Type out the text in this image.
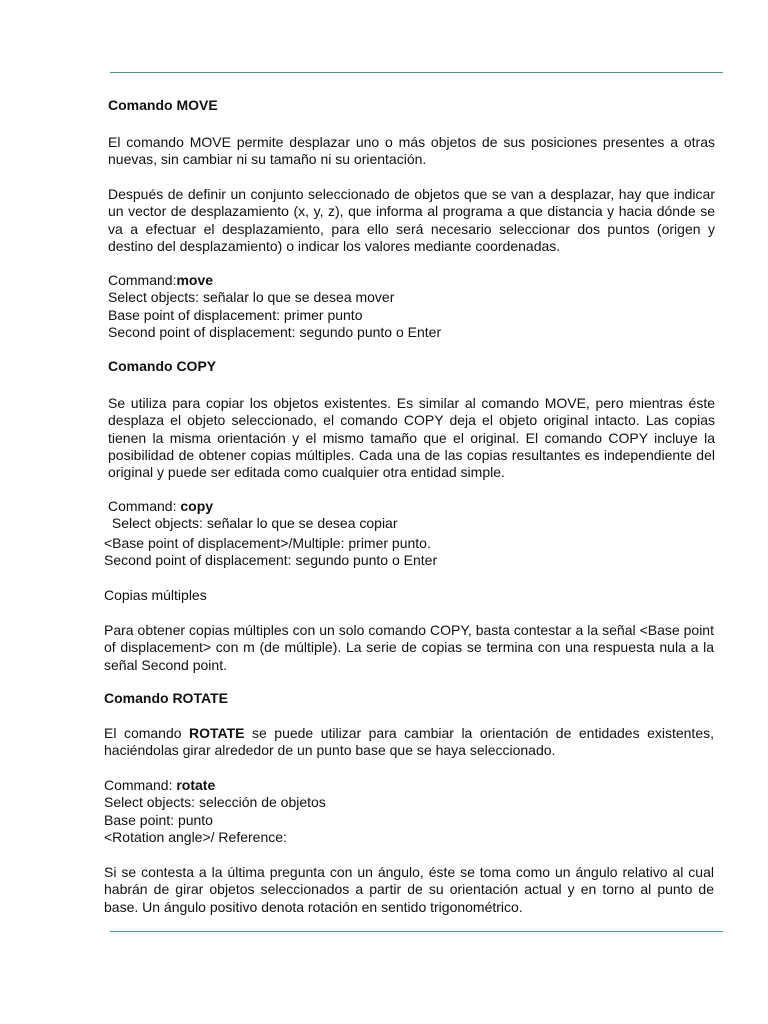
Comando MOVE
El comando MOVE permite desplazar uno o más objetos de sus posiciones presentes a otras nuevas, sin cambiar ni su tamaño ni su orientación.
Después de definir un conjunto seleccionado de objetos que se van a desplazar, hay que indicar un vector de desplazamiento (x, y, z), que informa al programa a que distancia y hacia dónde se va a efectuar el desplazamiento, para ello será necesario seleccionar dos puntos (origen y destino del desplazamiento) o indicar los valores mediante coordenadas.
Command:move
Select objects: señalar lo que se desea mover
Base point of displacement: primer punto
Second point of displacement: segundo punto o Enter
Comando COPY
Se utiliza para copiar los objetos existentes. Es similar al comando MOVE, pero mientras éste desplaza el objeto seleccionado, el comando COPY deja el objeto original intacto. Las copias tienen la misma orientación y el mismo tamaño que el original. El comando COPY incluye la posibilidad de obtener copias múltiples. Cada una de las copias resultantes es independiente del original y puede ser editada como cualquier otra entidad simple.
Command: copy
Select objects: señalar lo que se desea copiar
<Base point of displacement>/Multiple: primer punto.
Second point of displacement: segundo punto o Enter
Copias múltiples
Para obtener copias múltiples con un solo comando COPY, basta contestar a la señal <Base point of displacement> con m (de múltiple). La serie de copias se termina con una respuesta nula a la señal Second point.
Comando ROTATE
El comando ROTATE se puede utilizar para cambiar la orientación de entidades existentes, haciéndolas girar alrededor de un punto base que se haya seleccionado.
Command: rotate
Select objects: selección de objetos
Base point: punto
<Rotation angle>/ Reference:
Si se contesta a la última pregunta con un ángulo, éste se toma como un ángulo relativo al cual habrán de girar objetos seleccionados a partir de su orientación actual y en torno al punto de base. Un ángulo positivo denota rotación en sentido trigonométrico.
